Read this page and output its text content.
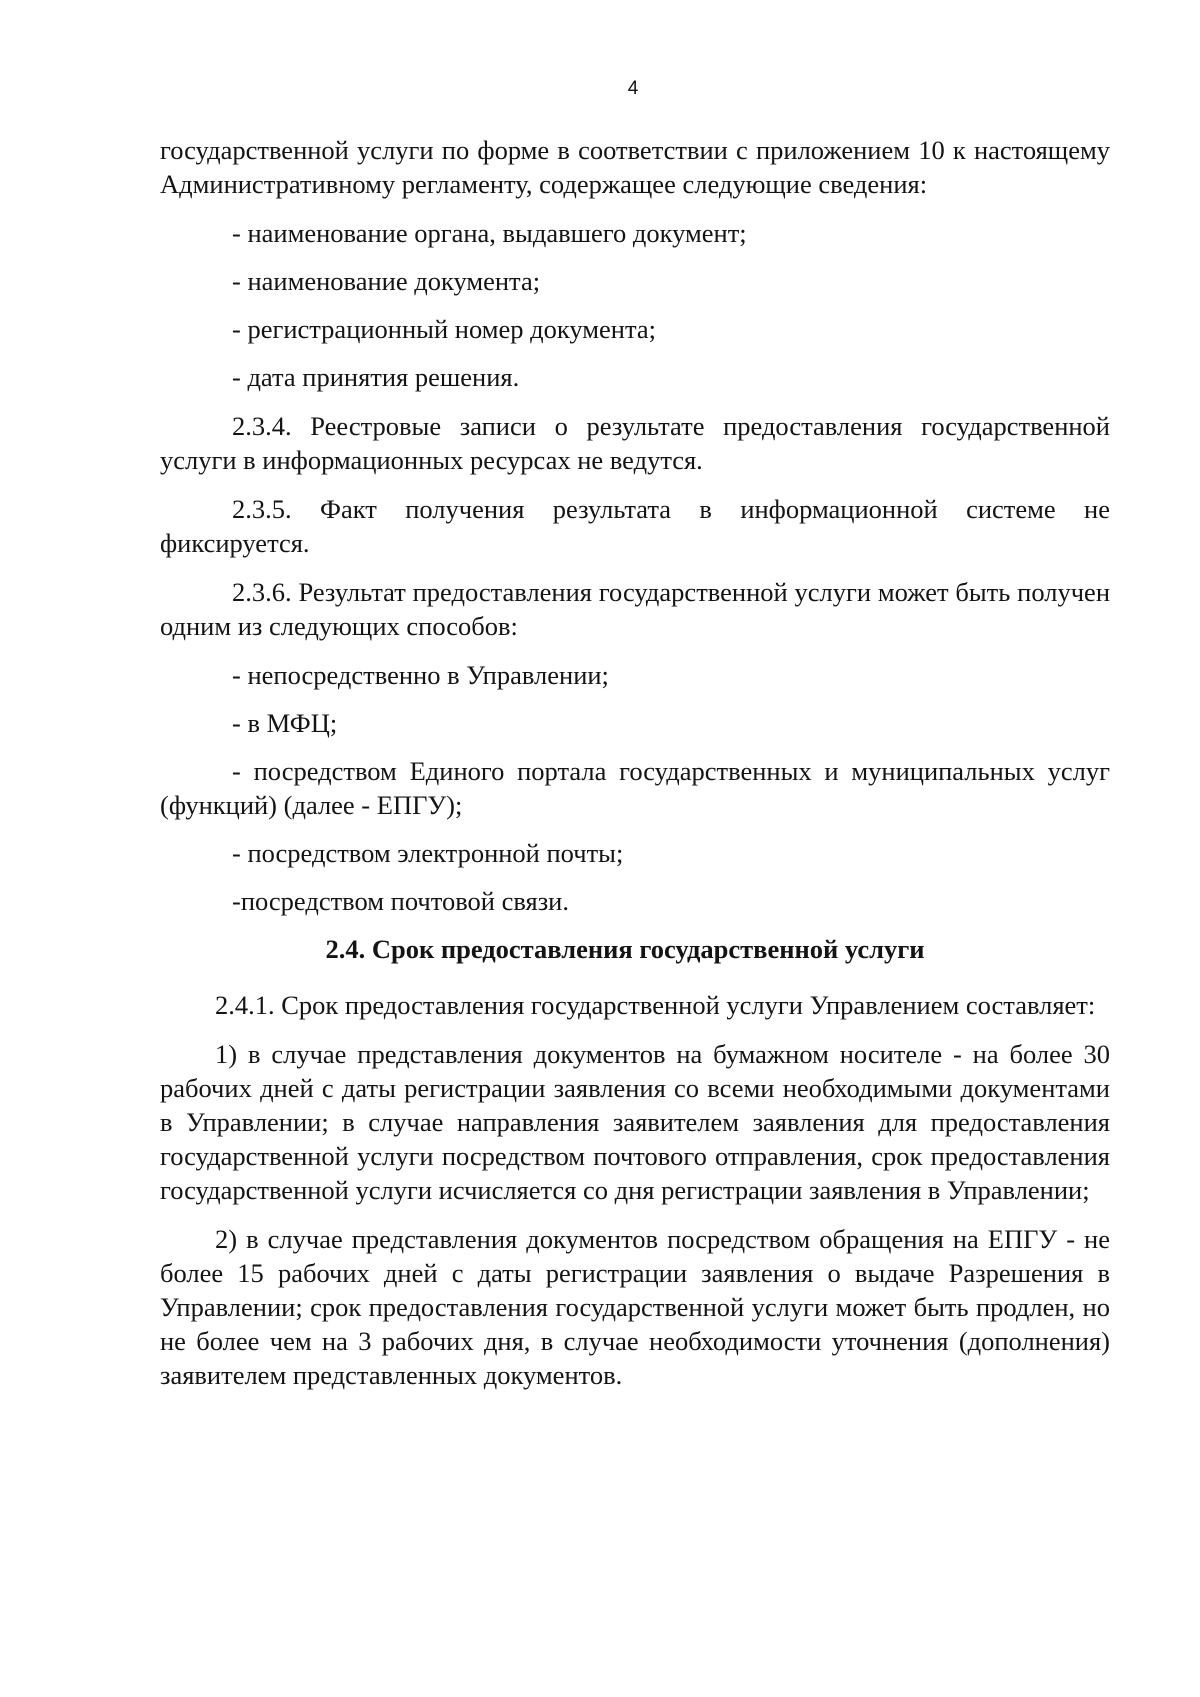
4

государственной услуги по форме в соответствии с приложением 10 к настоящему Административному регламенту, содержащее следующие сведения:

- наименование органа, выдавшего документ;

- наименование документа;

- регистрационный номер документа;

- дата принятия решения.

2.3.4. Реестровые записи о результате предоставления государственной услуги в информационных ресурсах не ведутся.

2.3.5. Факт получения результата в информационной системе не фиксируется.

2.3.6. Результат предоставления государственной услуги может быть получен одним из следующих способов:

- непосредственно в Управлении;

- в МФЦ;

- посредством Единого портала государственных и муниципальных услуг (функций) (далее - ЕПГУ);

- посредством электронной почты;

-посредством почтовой связи.

2.4. Срок предоставления государственной услуги

2.4.1. Срок предоставления государственной услуги Управлением составляет:

1) в случае представления документов на бумажном носителе - на более 30 рабочих дней с даты регистрации заявления со всеми необходимыми документами в Управлении; в случае направления заявителем заявления для предоставления государственной услуги посредством почтового отправления, срок предоставления государственной услуги исчисляется со дня регистрации заявления в Управлении;

2) в случае представления документов посредством обращения на ЕПГУ - не более 15 рабочих дней с даты регистрации заявления о выдаче Разрешения в Управлении; срок предоставления государственной услуги может быть продлен, но не более чем на 3 рабочих дня, в случае необходимости уточнения (дополнения) заявителем представленных документов.
